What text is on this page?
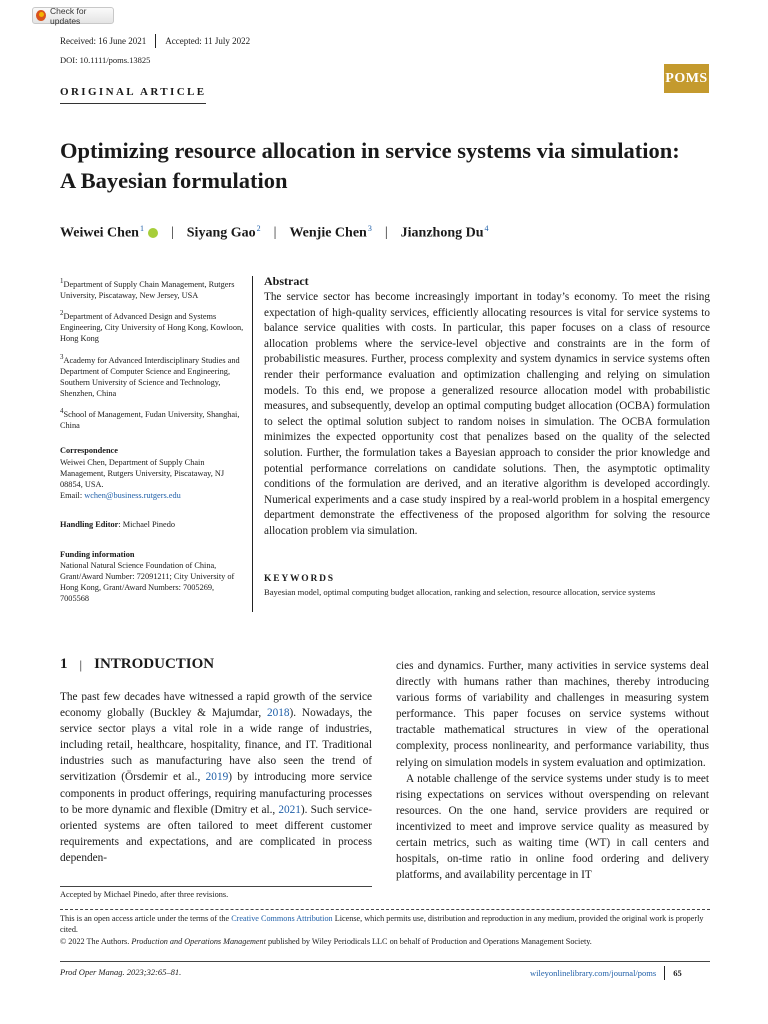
Check for updates
Received: 16 June 2021 Accepted: 11 July 2022
DOI: 10.1111/poms.13825
POMS
ORIGINAL ARTICLE
Optimizing resource allocation in service systems via simulation:
A Bayesian formulation
Weiwei Chen$^1$	| Siyang Gao$^2$ | Wenjie Chen$^3$ | Jianzhong Du$^4$
$^1$Department of Supply Chain Management, Rutgers University, Piscataway, New Jersey, USA
$^2$Department of Advanced Design and Systems Engineering, City University of Hong Kong, Kowloon, Hong Kong
$^3$Academy for Advanced Interdisciplinary Studies and Department of Computer Science and Engineering, Southern University of Science and Technology, Shenzhen, China
$^4$School of Management, Fudan University, Shanghai, China
Correspondence
Weiwei Chen, Department of Supply Chain Management, Rutgers University, Piscataway, NJ 08854, USA.
Email: wchen@business.rutgers.edu
Handling Editor: Michael Pinedo
Funding information
National Natural Science Foundation of China, Grant/Award Number: 72091211; City University of Hong Kong, Grant/Award Numbers: 7005269, 7005568
Abstract
The service sector has become increasingly important in today’s economy. To meet the rising expectation of high-quality services, efficiently allocating resources is vital for service systems to balance service qualities with costs. In particular, this paper focuses on a class of resource allocation problems where the service-level objective and constraints are in the form of probabilistic measures. Further, process complexity and system dynamics in service systems often render their performance evaluation and optimization challenging and relying on simulation models. To this end, we propose a generalized resource allocation model with probabilistic measures, and subsequently, develop an optimal computing budget allocation (OCBA) formulation to select the optimal solution subject to random noises in simulation. The OCBA formulation minimizes the expected opportunity cost that penalizes based on the quality of the selected solution. Further, the formulation takes a Bayesian approach to consider the prior knowledge and potential performance correlations on candidate solutions. Then, the asymptotic optimality conditions of the formulation are derived, and an iterative algorithm is developed accordingly. Numerical experiments and a case study inspired by a real-world problem in a hospital emergency department demonstrate the effectiveness of the proposed algorithm for solving the resource allocation problem via simulation.
KEYWORDS
Bayesian model, optimal computing budget allocation, ranking and selection, resource allocation, service systems
1 | INTRODUCTION
The past few decades have witnessed a rapid growth of the service economy globally (Buckley & Majumdar, 2018). Nowadays, the service sector plays a vital role in a wide range of industries, including retail, healthcare, hospitality, finance, and IT. Traditional industries such as manufacturing have also seen the trend of servitization (Örsdemir et al., 2019) by introducing more service components in product offerings, requiring manufacturing processes to be more dynamic and flexible (Dmitry et al., 2021). Such service-oriented systems are often tailored to meet different customer requirements and expectations, and are complicated in process dependen-
cies and dynamics. Further, many activities in service systems deal directly with humans rather than machines, thereby introducing various forms of variability and challenges in measuring system performance. This paper focuses on service systems without tractable mathematical structures in view of the operational complexity, process nonlinearity, and performance variability, thus relying on simulation models in system evaluation and optimization.
A notable challenge of the service systems under study is to meet rising expectations on services without overspending on relevant resources. On the one hand, service providers are required or incentivized to meet and improve service quality as measured by certain metrics, such as waiting time (WT) in call centers and hospitals, on-time ratio in online food ordering and delivery platforms, and availability percentage in IT
Accepted by Michael Pinedo, after three revisions.
This is an open access article under the terms of the Creative Commons Attribution License, which permits use, distribution and reproduction in any medium, provided the original work is properly cited.
© 2022 The Authors. Production and Operations Management published by Wiley Periodicals LLC on behalf of Production and Operations Management Society.
Prod Oper Manag. 2023;32:65–81.	wileyonlinelibrary.com/journal/poms 65
